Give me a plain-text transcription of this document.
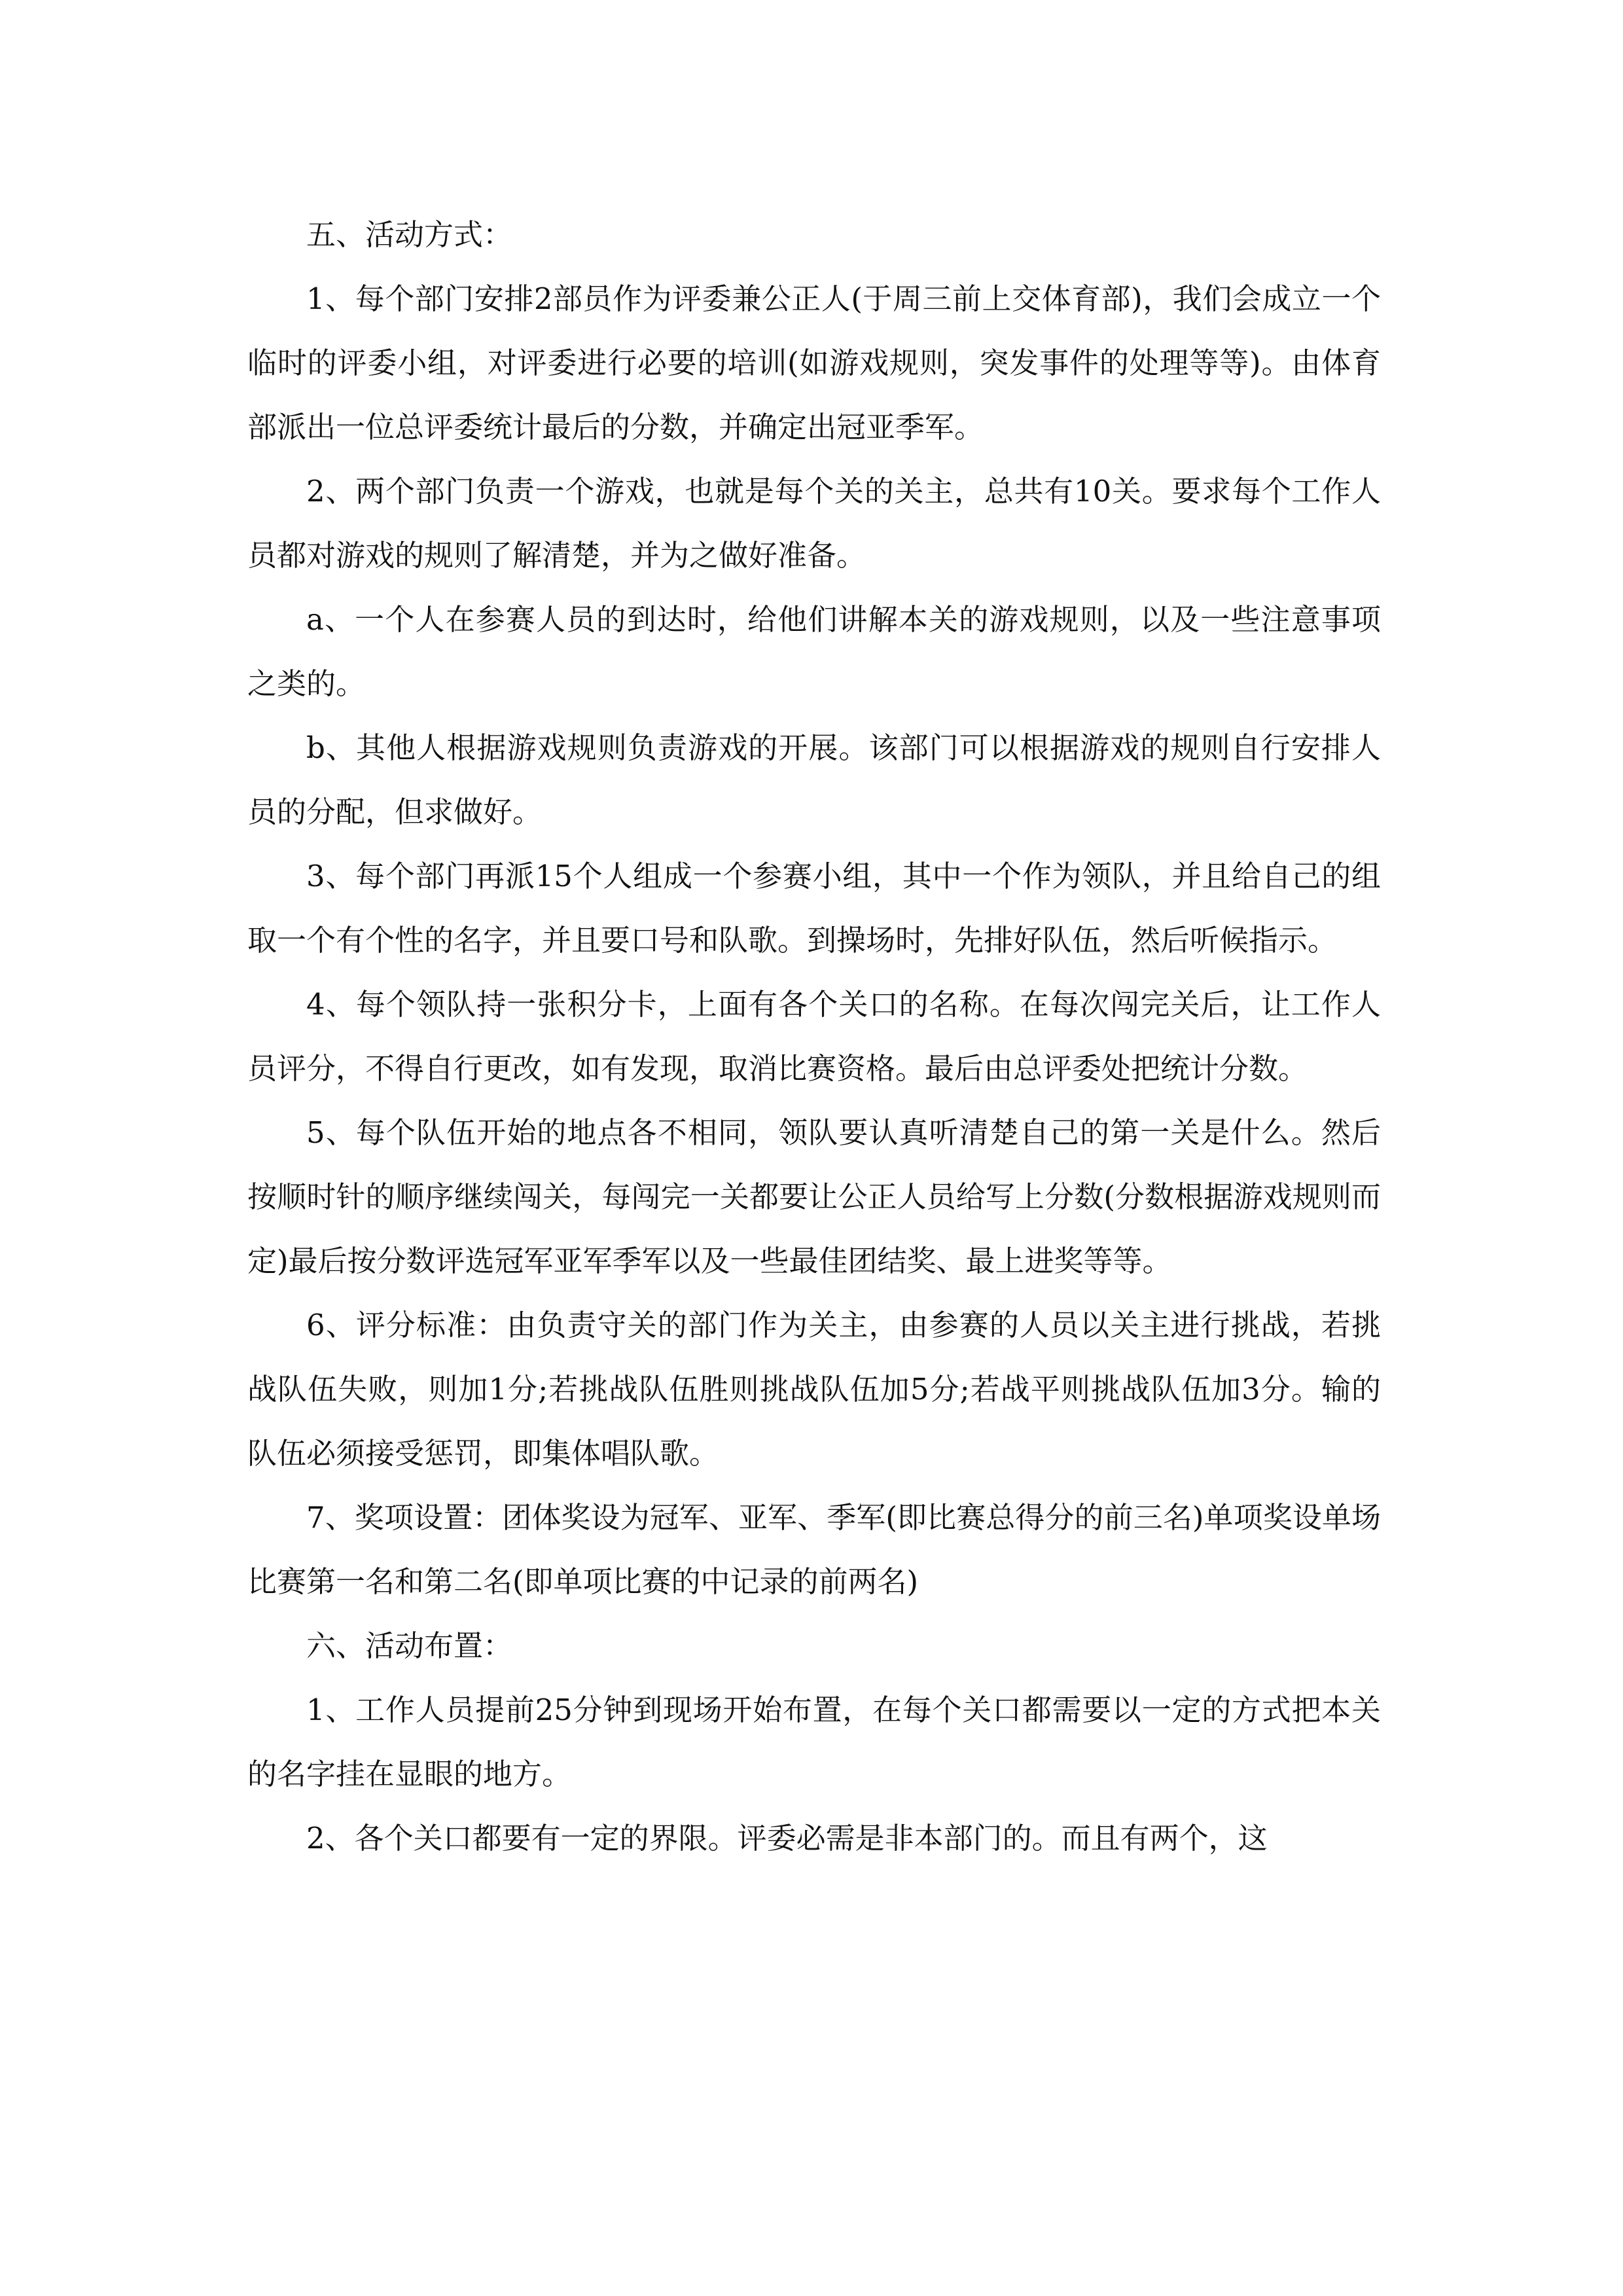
五、活动方式：

1、每个部门安排2部员作为评委兼公正人(于周三前上交体育部)，我们会成立一个临时的评委小组，对评委进行必要的培训(如游戏规则，突发事件的处理等等)。由体育部派出一位总评委统计最后的分数，并确定出冠亚季军。

2、两个部门负责一个游戏，也就是每个关的关主，总共有10关。要求每个工作人员都对游戏的规则了解清楚，并为之做好准备。

a、一个人在参赛人员的到达时，给他们讲解本关的游戏规则，以及一些注意事项之类的。

b、其他人根据游戏规则负责游戏的开展。该部门可以根据游戏的规则自行安排人员的分配，但求做好。

3、每个部门再派15个人组成一个参赛小组，其中一个作为领队，并且给自己的组取一个有个性的名字，并且要口号和队歌。到操场时，先排好队伍，然后听候指示。

4、每个领队持一张积分卡，上面有各个关口的名称。在每次闯完关后，让工作人员评分，不得自行更改，如有发现，取消比赛资格。最后由总评委处把统计分数。

5、每个队伍开始的地点各不相同，领队要认真听清楚自己的第一关是什么。然后按顺时针的顺序继续闯关，每闯完一关都要让公正人员给写上分数(分数根据游戏规则而定)最后按分数评选冠军亚军季军以及一些最佳团结奖、最上进奖等等。

6、评分标准：由负责守关的部门作为关主，由参赛的人员以关主进行挑战，若挑战队伍失败，则加1分;若挑战队伍胜则挑战队伍加5分;若战平则挑战队伍加3分。输的队伍必须接受惩罚，即集体唱队歌。

7、奖项设置：团体奖设为冠军、亚军、季军(即比赛总得分的前三名)单项奖设单场比赛第一名和第二名(即单项比赛的中记录的前两名)

六、活动布置：

1、工作人员提前25分钟到现场开始布置，在每个关口都需要以一定的方式把本关的名字挂在显眼的地方。

2、各个关口都要有一定的界限。评委必需是非本部门的。而且有两个，这
